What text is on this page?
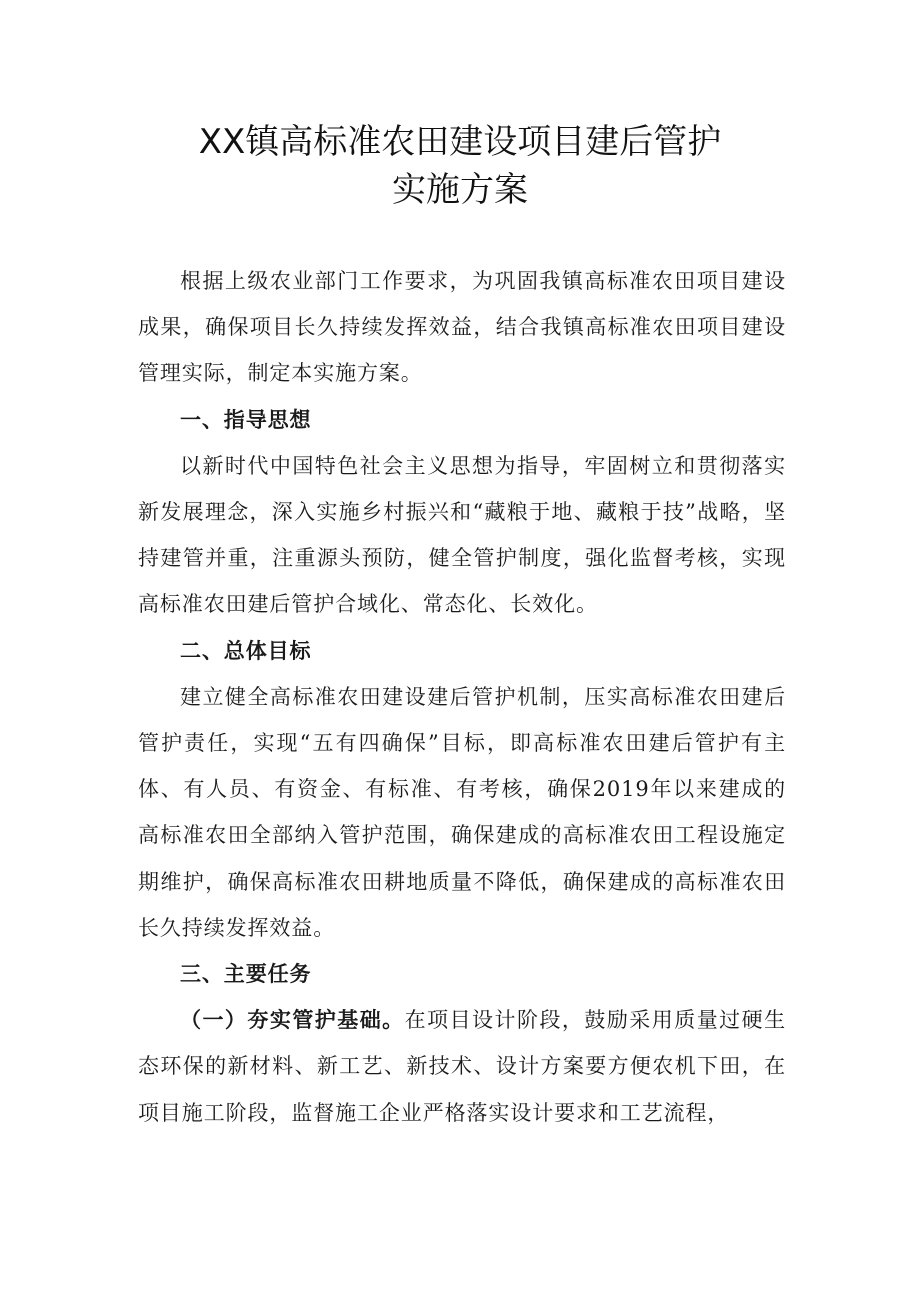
XX镇高标准农田建设项目建后管护
实施方案

根据上级农业部门工作要求，为巩固我镇高标准农田项目建设成果，确保项目长久持续发挥效益，结合我镇高标准农田项目建设管理实际，制定本实施方案。

一、指导思想

以新时代中国特色社会主义思想为指导，牢固树立和贯彻落实新发展理念，深入实施乡村振兴和“藏粮于地、藏粮于技”战略，坚持建管并重，注重源头预防，健全管护制度，强化监督考核，实现高标准农田建后管护合域化、常态化、长效化。

二、总体目标

建立健全高标准农田建设建后管护机制，压实高标准农田建后管护责任，实现“五有四确保”目标，即高标准农田建后管护有主体、有人员、有资金、有标准、有考核，确保2019年以来建成的高标准农田全部纳入管护范围，确保建成的高标准农田工程设施定期维护，确保高标准农田耕地质量不降低，确保建成的高标准农田长久持续发挥效益。

三、主要任务

（一）夯实管护基础。在项目设计阶段，鼓励采用质量过硬生态环保的新材料、新工艺、新技术、设计方案要方便农机下田，在项目施工阶段，监督施工企业严格落实设计要求和工艺流程，
